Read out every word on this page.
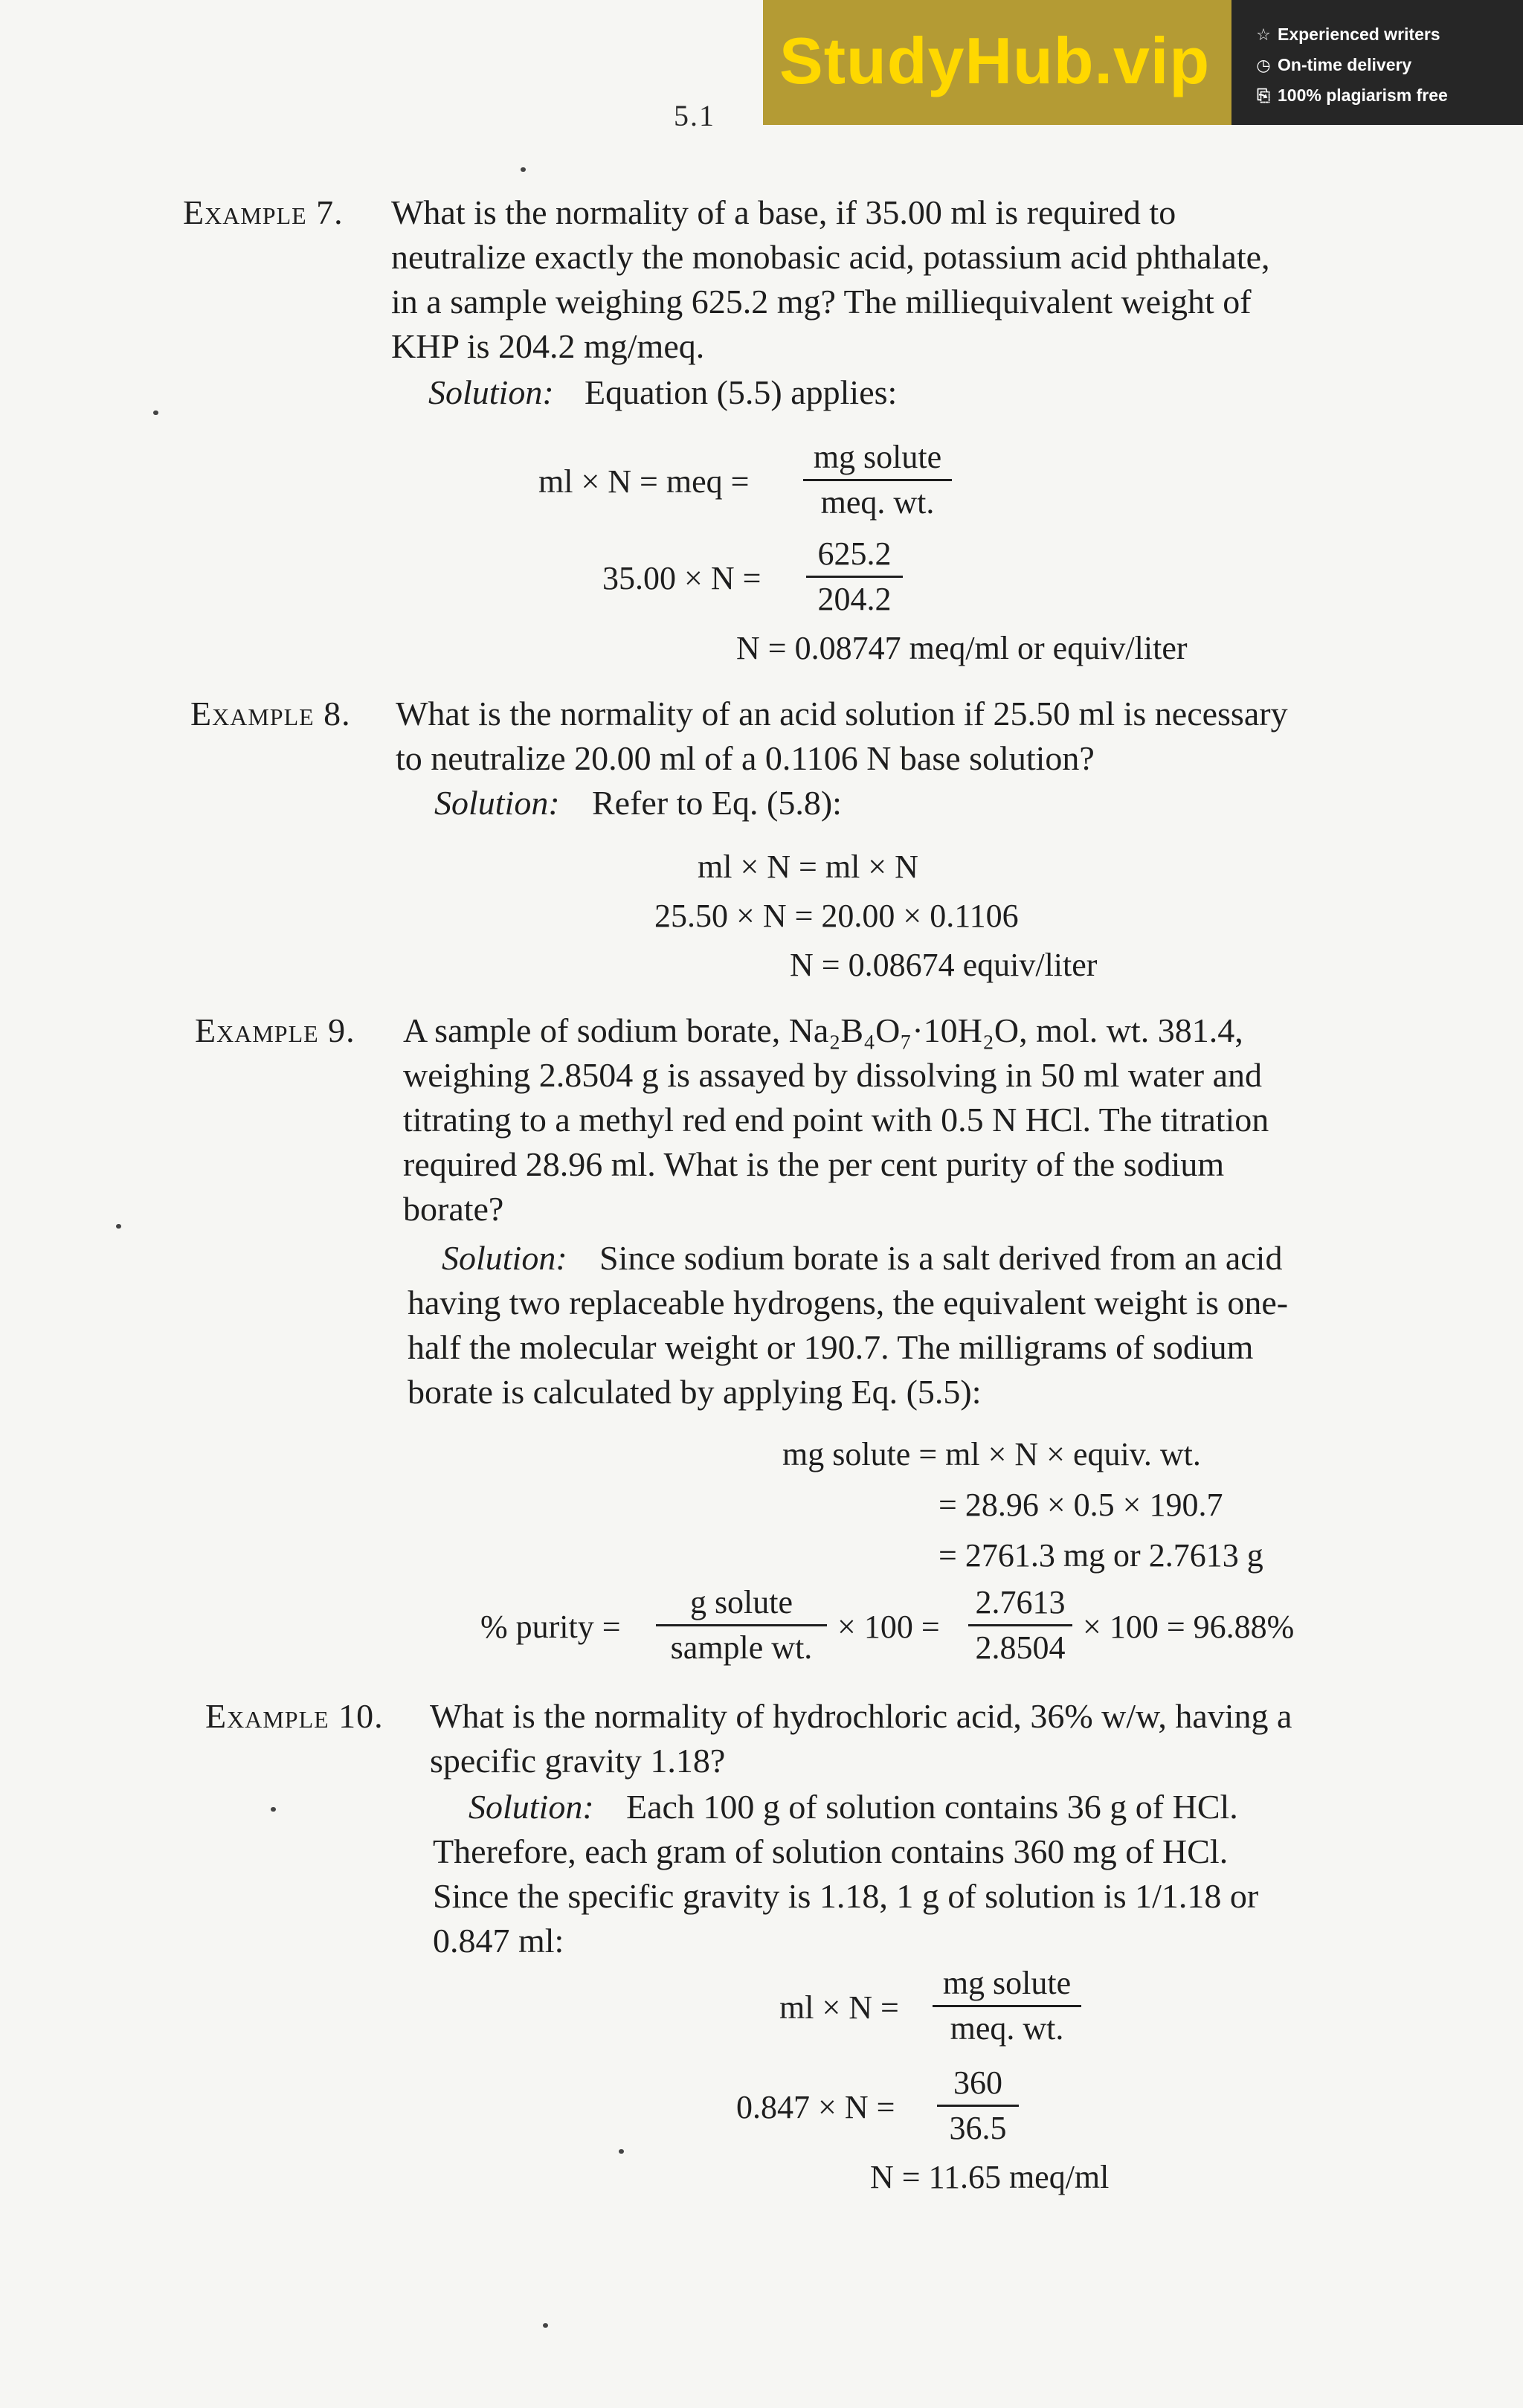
StudyHub.vip	☆ Experienced writers
◷ On-time delivery
⎘ 100% plagiarism free
5.1
Example 7. What is the normality of a base, if 35.00 ml is required to
neutralize exactly the monobasic acid, potassium acid phthalate,
in a sample weighing 625.2 mg? The milliequivalent weight of
KHP is 204.2 mg/meq.
Solution: Equation (5.5) applies:
ml × N = meq =
mg solute
meq. wt.
$35.00 \times N = \frac{625.2}{204.2}$
N = 0.08747 meq/ml or equiv/liter
Example 8. What is the normality of an acid solution if 25.50 ml is necessary
to neutralize 20.00 ml of a 0.1106 N base solution?
Solution: Refer to Eq. (5.8):
ml × N = ml × N
25.50 × N = 20.00 × 0.1106
N = 0.08674 equiv/liter
Example 9. A sample of sodium borate, Na₂B₄O₇·10H₂O, mol. wt. 381.4,
weighing 2.8504 g is assayed by dissolving in 50 ml water and
titrating to a methyl red end point with 0.5 N HCl. The titration
required 28.96 ml. What is the per cent purity of the sodium
borate?
Solution: Since sodium borate is a salt derived from an acid
having two replaceable hydrogens, the equivalent weight is one-
half the molecular weight or 190.7. The milligrams of sodium
borate is calculated by applying Eq. (5.5):
mg solute = ml × N × equiv. wt.
= 28.96 × 0.5 × 190.7
= 2761.3 mg or 2.7613 g
% purity =
g solute
sample wt.
× $100 = \frac{2.7613}{2.8504} \times 100 = 96.88\%$
Example 10. What is the normality of hydrochloric acid, 36% w/w, having a
specific gravity 1.18?
Solution: Each 100 g of solution contains 36 g of HCl.
Therefore, each gram of solution contains 360 mg of HCl.
Since the specific gravity is 1.18, 1 g of solution is 1/1.18 or
0.847 ml:
ml × N =
mg solute
meq. wt.
$0.847 \times N = \frac{360}{36.5}$
N = 11.65 meq/ml
